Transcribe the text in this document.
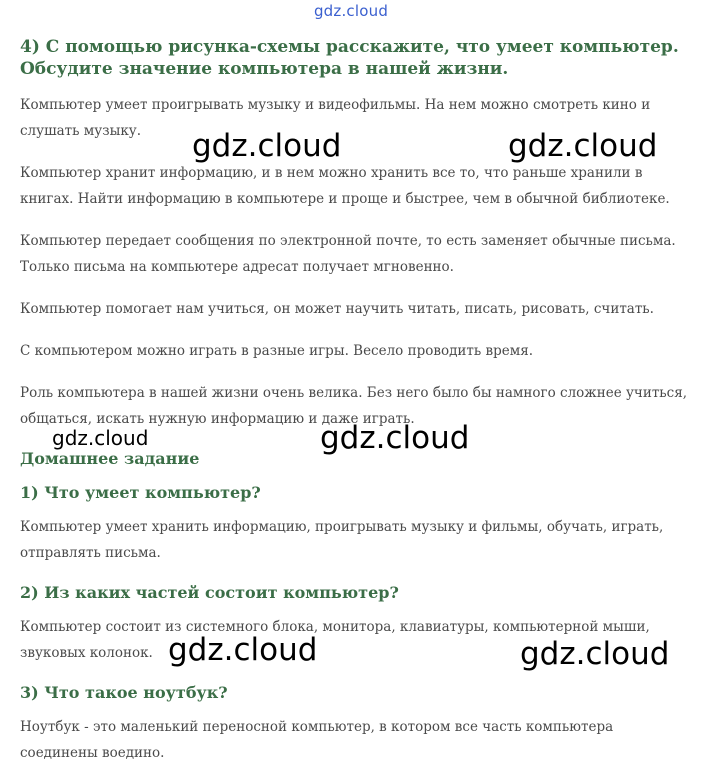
gdz.cloud
4) С помощью рисунка-схемы расскажите, что умеет компьютер. Обсудите значение компьютера в нашей жизни.

Компьютер умеет проигрывать музыку и видеофильмы. На нем можно смотреть кино и слушать музыку.

Компьютер хранит информацию, и в нем можно хранить все то, что раньше хранили в книгах. Найти информацию в компьютере и проще и быстрее, чем в обычной библиотеке.

Компьютер передает сообщения по электронной почте, то есть заменяет обычные письма. Только письма на компьютере адресат получает мгновенно.

Компьютер помогает нам учиться, он может научить читать, писать, рисовать, считать.

С компьютером можно играть в разные игры. Весело проводить время.

Роль компьютера в нашей жизни очень велика. Без него было бы намного сложнее учиться, общаться, искать нужную информацию и даже играть.

Домашнее задание
1) Что умеет компьютер?

Компьютер умеет хранить информацию, проигрывать музыку и фильмы, обучать, играть, отправлять письма.

2) Из каких частей состоит компьютер?

Компьютер состоит из системного блока, монитора, клавиатуры, компьютерной мыши, звуковых колонок.

3) Что такое ноутбук?

Ноутбук - это маленький переносной компьютер, в котором все часть компьютера соединены воедино.

gdz.cloud	gdz.cloud
gdz.cloud	gdz.cloud
gdz.cloud	gdz.cloud
